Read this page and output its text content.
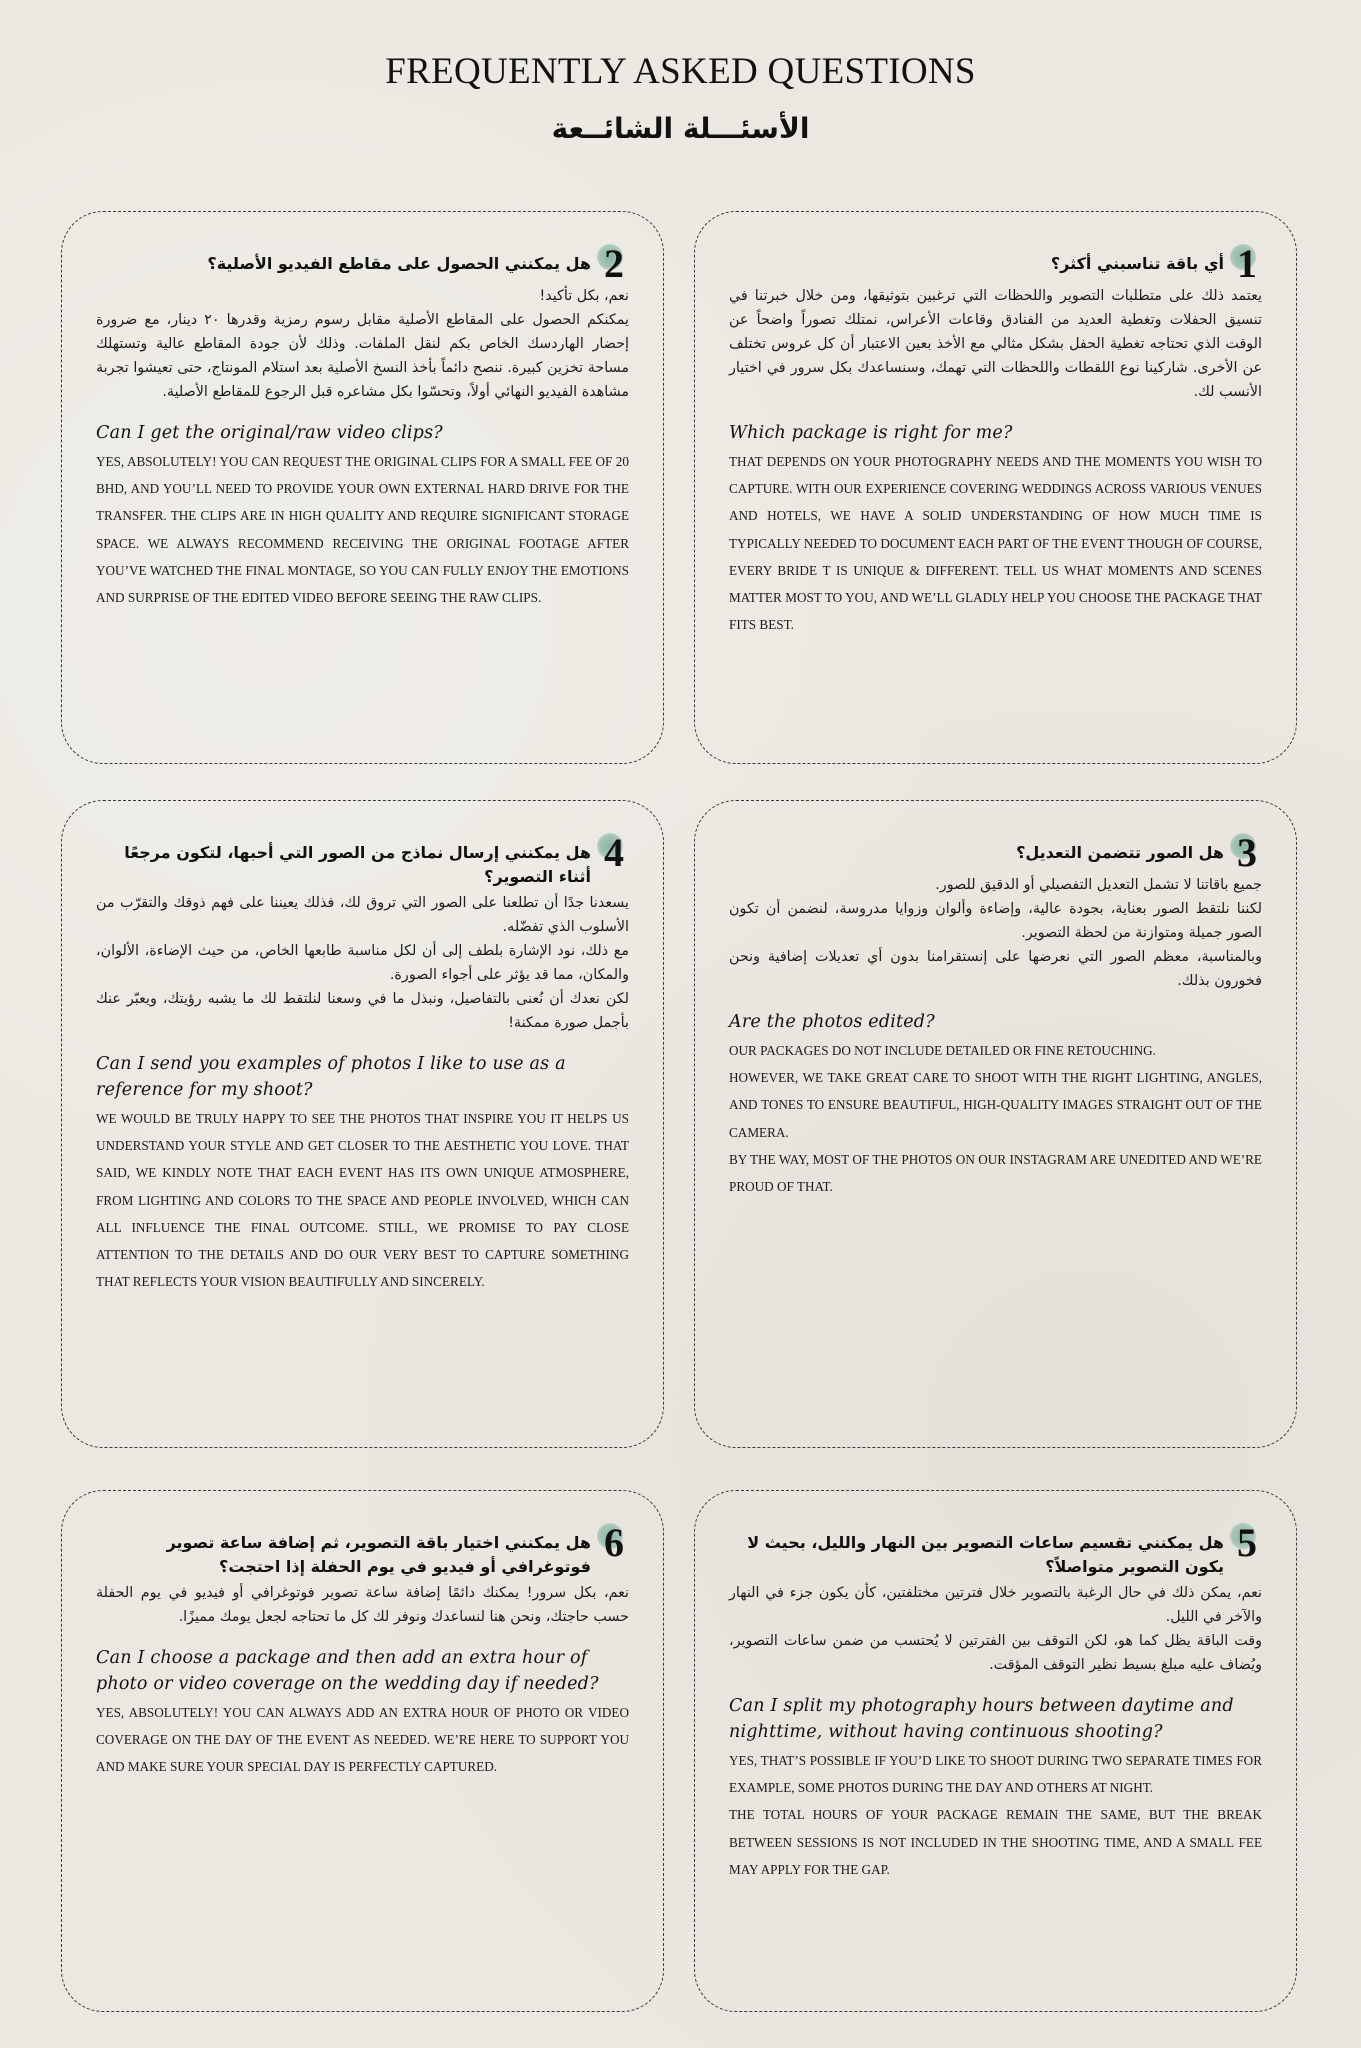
FREQUENTLY ASKED QUESTIONS
الأسئـــلة الشائــعة
1
أي باقة تناسبني أكثر؟

يعتمد ذلك على متطلبات التصوير واللحظات التي ترغبين بتوثيقها، ومن خلال خبرتنا في تنسيق الحفلات وتغطية العديد من الفنادق وقاعات الأعراس، نمتلك تصوراً واضحاً عن الوقت الذي تحتاجه تغطية الحفل بشكل مثالي مع الأخذ بعين الاعتبار أن كل عروس تختلف عن الأخرى. شاركينا نوع اللقطات واللحظات التي تهمك، وسنساعدك بكل سرور في اختيار الأنسب لك.

Which package is right for me?

THAT DEPENDS ON YOUR PHOTOGRAPHY NEEDS AND THE MOMENTS YOU WISH TO CAPTURE. WITH OUR EXPERIENCE COVERING WEDDINGS ACROSS VARIOUS VENUES AND HOTELS, WE HAVE A SOLID UNDERSTANDING OF HOW MUCH TIME IS TYPICALLY NEEDED TO DOCUMENT EACH PART OF THE EVENT THOUGH OF COURSE, EVERY BRIDE T IS UNIQUE & DIFFERENT. TELL US WHAT MOMENTS AND SCENES MATTER MOST TO YOU, AND WE’LL GLADLY HELP YOU CHOOSE THE PACKAGE THAT FITS BEST.

2
هل يمكنني الحصول على مقاطع الفيديو الأصلية؟

نعم، بكل تأكيد!

يمكنكم الحصول على المقاطع الأصلية مقابل رسوم رمزية وقدرها ٢٠ دينار، مع ضرورة إحضار الهاردسك الخاص بكم لنقل الملفات. وذلك لأن جودة المقاطع عالية وتستهلك مساحة تخزين كبيرة. ننصح دائماً بأخذ النسخ الأصلية بعد استلام المونتاج، حتى تعيشوا تجربة مشاهدة الفيديو النهائي أولاً، وتحسّوا بكل مشاعره قبل الرجوع للمقاطع الأصلية.

Can I get the original/raw video clips?

YES, ABSOLUTELY! YOU CAN REQUEST THE ORIGINAL CLIPS FOR A SMALL FEE OF 20 BHD, AND YOU’LL NEED TO PROVIDE YOUR OWN EXTERNAL HARD DRIVE FOR THE TRANSFER. THE CLIPS ARE IN HIGH QUALITY AND REQUIRE SIGNIFICANT STORAGE SPACE. WE ALWAYS RECOMMEND RECEIVING THE ORIGINAL FOOTAGE AFTER YOU’VE WATCHED THE FINAL MONTAGE, SO YOU CAN FULLY ENJOY THE EMOTIONS AND SURPRISE OF THE EDITED VIDEO BEFORE SEEING THE RAW CLIPS.

3
هل الصور تتضمن التعديل؟

جميع باقاتنا لا تشمل التعديل التفصيلي أو الدقيق للصور.

لكننا نلتقط الصور بعناية، بجودة عالية، وإضاءة وألوان وزوايا مدروسة، لنضمن أن تكون الصور جميلة ومتوازنة من لحظة التصوير.

وبالمناسبة، معظم الصور التي نعرضها على إنستقرامنا بدون أي تعديلات إضافية ونحن فخورون بذلك.

Are the photos edited?

OUR PACKAGES DO NOT INCLUDE DETAILED OR FINE RETOUCHING.

HOWEVER, WE TAKE GREAT CARE TO SHOOT WITH THE RIGHT LIGHTING, ANGLES, AND TONES TO ENSURE BEAUTIFUL, HIGH-QUALITY IMAGES STRAIGHT OUT OF THE CAMERA.

BY THE WAY, MOST OF THE PHOTOS ON OUR INSTAGRAM ARE UNEDITED AND WE’RE PROUD OF THAT.

4
هل يمكنني إرسال نماذج من الصور التي أحبها، لتكون مرجعًا أثناء التصوير؟

يسعدنا جدًا أن تطلعنا على الصور التي تروق لك، فذلك يعيننا على فهم ذوقك والتقرّب من الأسلوب الذي تفضّله.

مع ذلك، نود الإشارة بلطف إلى أن لكل مناسبة طابعها الخاص، من حيث الإضاءة، الألوان، والمكان، مما قد يؤثر على أجواء الصورة.

لكن نعدك أن نُعنى بالتفاصيل، ونبذل ما في وسعنا لنلتقط لك ما يشبه رؤيتك، ويعبّر عنك بأجمل صورة ممكنة!

Can I send you examples of photos I like to use as a reference for my shoot?

WE WOULD BE TRULY HAPPY TO SEE THE PHOTOS THAT INSPIRE YOU IT HELPS US UNDERSTAND YOUR STYLE AND GET CLOSER TO THE AESTHETIC YOU LOVE. THAT SAID, WE KINDLY NOTE THAT EACH EVENT HAS ITS OWN UNIQUE ATMOSPHERE, FROM LIGHTING AND COLORS TO THE SPACE AND PEOPLE INVOLVED, WHICH CAN ALL INFLUENCE THE FINAL OUTCOME. STILL, WE PROMISE TO PAY CLOSE ATTENTION TO THE DETAILS AND DO OUR VERY BEST TO CAPTURE SOMETHING THAT REFLECTS YOUR VISION BEAUTIFULLY AND SINCERELY.

5
هل يمكنني تقسيم ساعات التصوير بين النهار والليل، بحيث لا يكون التصوير متواصلاً؟

نعم، يمكن ذلك في حال الرغبة بالتصوير خلال فترتين مختلفتين، كأن يكون جزء في النهار والآخر في الليل.

وقت الباقة يظل كما هو، لكن التوقف بين الفترتين لا يُحتسب من ضمن ساعات التصوير، ويُضاف عليه مبلغ بسيط نظير التوقف المؤقت.

Can I split my photography hours between daytime and nighttime, without having continuous shooting?

YES, THAT’S POSSIBLE IF YOU’D LIKE TO SHOOT DURING TWO SEPARATE TIMES FOR EXAMPLE, SOME PHOTOS DURING THE DAY AND OTHERS AT NIGHT.

THE TOTAL HOURS OF YOUR PACKAGE REMAIN THE SAME, BUT THE BREAK BETWEEN SESSIONS IS NOT INCLUDED IN THE SHOOTING TIME, AND A SMALL FEE MAY APPLY FOR THE GAP.

6
هل يمكنني اختيار باقة التصوير، ثم إضافة ساعة تصوير فوتوغرافي أو فيديو في يوم الحفلة إذا احتجت؟

نعم، بكل سرور! يمكنك دائمًا إضافة ساعة تصوير فوتوغرافي أو فيديو في يوم الحفلة حسب حاجتك، ونحن هنا لنساعدك ونوفر لك كل ما تحتاجه لجعل يومك مميزًا.

Can I choose a package and then add an extra hour of photo or video coverage on the wedding day if needed?

YES, ABSOLUTELY! YOU CAN ALWAYS ADD AN EXTRA HOUR OF PHOTO OR VIDEO COVERAGE ON THE DAY OF THE EVENT AS NEEDED. WE’RE HERE TO SUPPORT YOU AND MAKE SURE YOUR SPECIAL DAY IS PERFECTLY CAPTURED.
